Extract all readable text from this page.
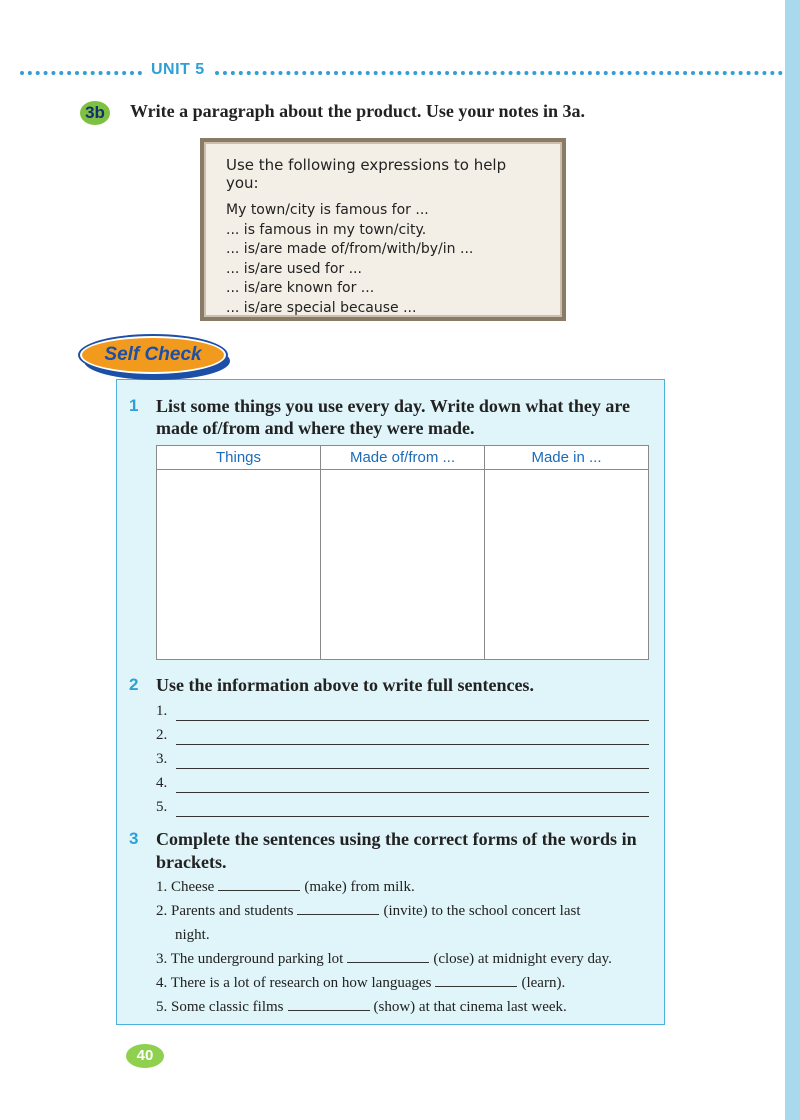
UNIT 5
3b Write a paragraph about the product. Use your notes in 3a.
Use the following expressions to help you:
My town/city is famous for ...
... is famous in my town/city.
... is/are made of/from/with/by/in ...
... is/are used for ...
... is/are known for ...
... is/are special because ...
Self Check
1 List some things you use every day. Write down what they are
made of/from and where they were made.
Things	Made of/from ...	Made in ...

2 Use the information above to write full sentences.
1.
2.
3.
4.
5.
3 Complete the sentences using the correct forms of the words in
brackets.
1. Cheese	(make) from milk.
2. Parents and students	(invite) to the school concert last
night.
3. The underground parking lot	(close) at midnight every day.
4. There is a lot of research on how languages	(learn).
5. Some classic films	(show) at that cinema last week.
40
